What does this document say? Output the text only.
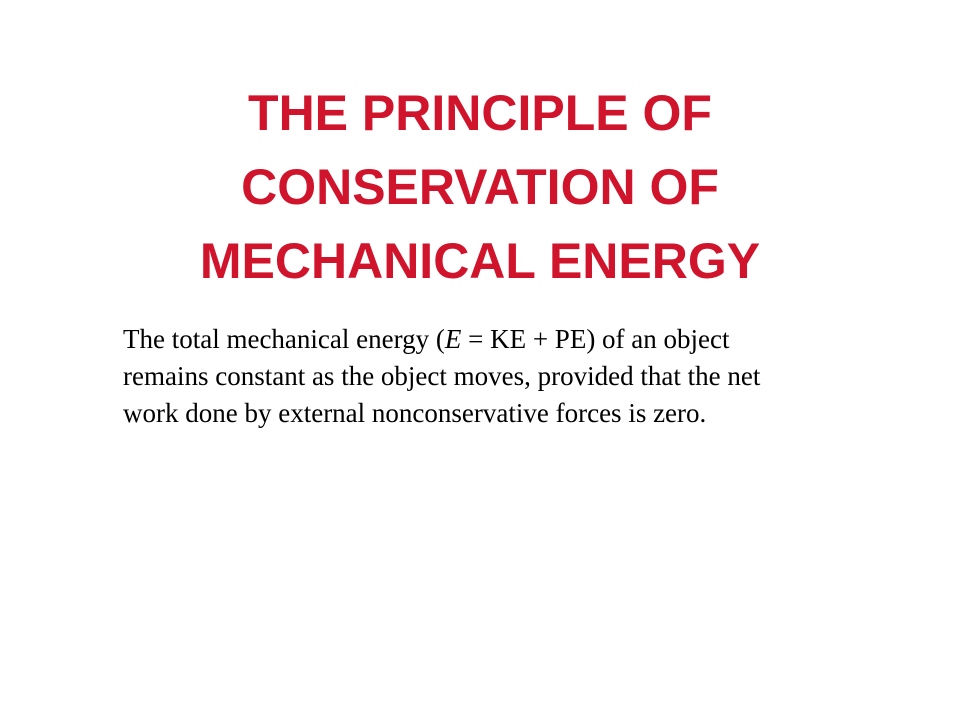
THE PRINCIPLE OF
CONSERVATION OF
MECHANICAL ENERGY

The total mechanical energy (E = KE + PE) of an object
remains constant as the object moves, provided that the net
work done by external nonconservative forces is zero.
